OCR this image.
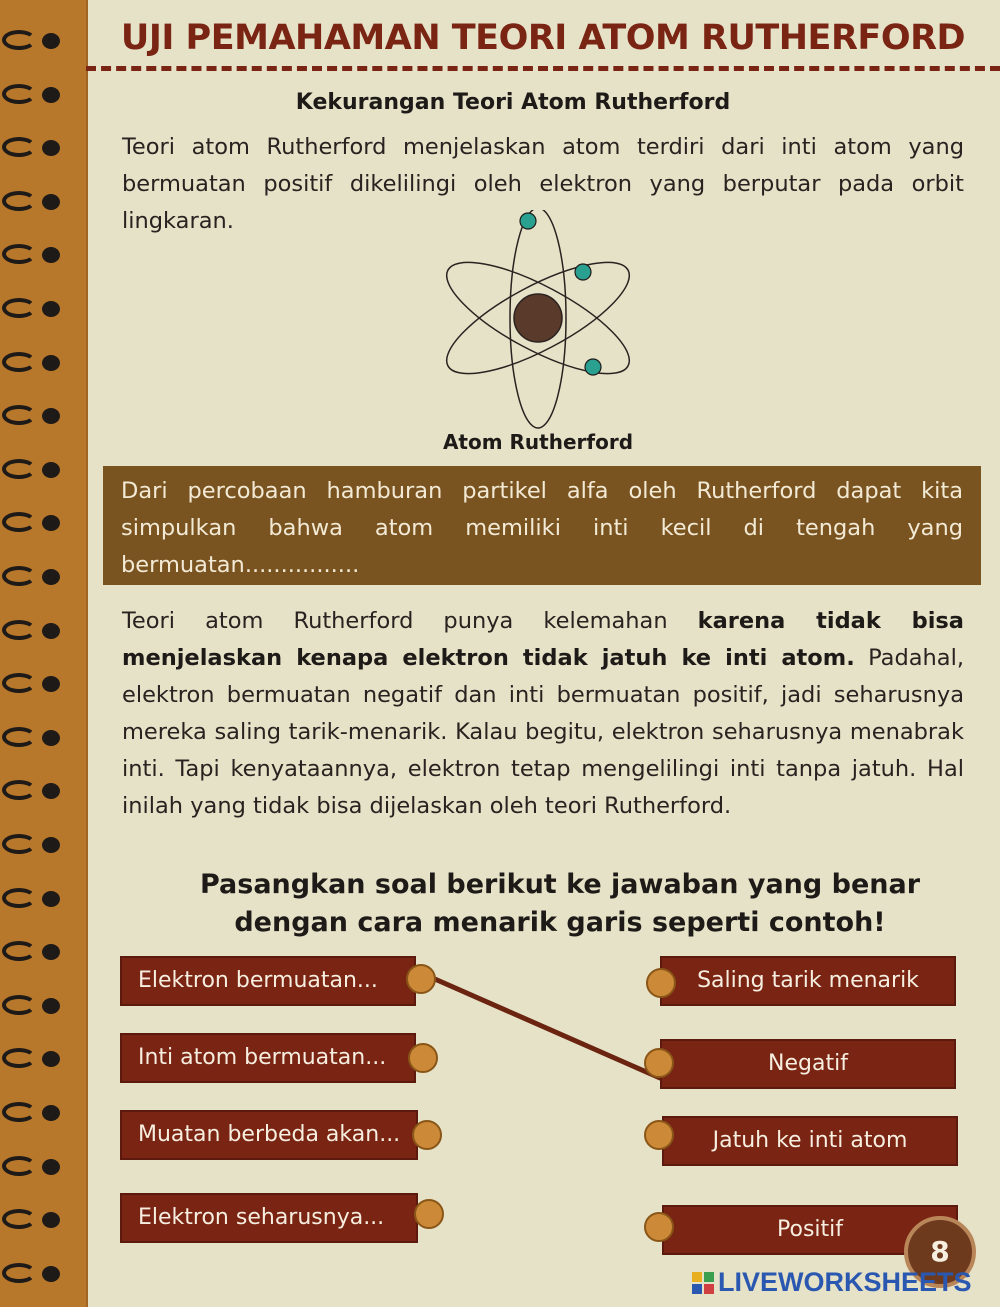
UJI PEMAHAMAN TEORI ATOM RUTHERFORD
Kekurangan Teori Atom Rutherford
Teori atom Rutherford menjelaskan atom terdiri dari inti atom yang bermuatan positif dikelilingi oleh elektron yang berputar pada orbit lingkaran.
Atom Rutherford
Dari percobaan hamburan partikel alfa oleh Rutherford dapat kita simpulkan bahwa atom memiliki inti kecil di tengah yang bermuatan................
Teori atom Rutherford punya kelemahan karena tidak bisa menjelaskan kenapa elektron tidak jatuh ke inti atom. Padahal, elektron bermuatan negatif dan inti bermuatan positif, jadi seharusnya mereka saling tarik-menarik. Kalau begitu, elektron seharusnya menabrak inti. Tapi kenyataannya, elektron tetap mengelilingi inti tanpa jatuh. Hal inilah yang tidak bisa dijelaskan oleh teori Rutherford.
Pasangkan soal berikut ke jawaban yang benar
dengan cara menarik garis seperti contoh!
Elektron bermuatan...
Inti atom bermuatan...
Muatan berbeda akan...
Elektron seharusnya...
Saling tarik menarik
Negatif
Jatuh ke inti atom
Positif
8
LIVEWORKSHEETS
